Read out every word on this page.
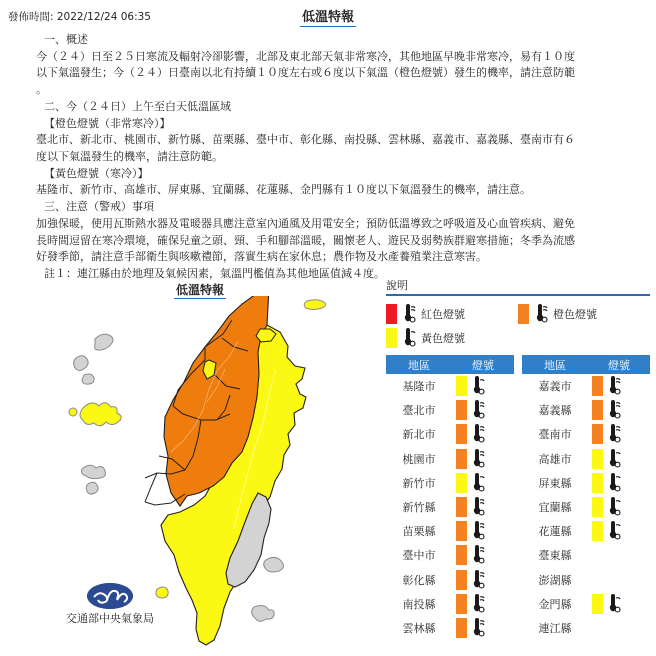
發佈時間: 2022/12/24 06:35	低溫特報
一、概述
今（２４）日至２５日寒流及輻射冷卻影響，北部及東北部天氣非常寒冷，其他地區早晚非常寒冷，易有１０度
以下氣溫發生；今（２４）日臺南以北有持續１０度左右或６度以下氣溫（橙色燈號）發生的機率，請注意防範
。
二、今（２４日）上午至白天低溫區域
【橙色燈號（非常寒冷）】
臺北市、新北市、桃園市、新竹縣、苗栗縣、臺中市、彰化縣、南投縣、雲林縣、嘉義市、嘉義縣、臺南市有６
度以下氣溫發生的機率，請注意防範。
【黃色燈號（寒冷）】
基隆市、新竹市、高雄市、屏東縣、宜蘭縣、花蓮縣、金門縣有１０度以下氣溫發生的機率，請注意。
三、注意（警戒）事項
加強保暖，使用瓦斯熱水器及電暖器具應注意室內通風及用電安全；預防低溫導致之呼吸道及心血管疾病、避免
長時間逗留在寒冷環境，確保兒童之頭、頸、手和腳部溫暖，關懷老人、遊民及弱勢族群避寒措施；冬季為流感
好發季節，請注意手部衛生與咳嗽禮節，落實生病在家休息；農作物及水產養殖業注意寒害。
註１：連江縣由於地理及氣候因素，氣溫門檻值為其他地區值減４度。
低溫特報
交通部中央氣象局
說明
紅色燈號	橙色燈號
黃色燈號
地區	燈號
基隆市
臺北市
新北市
桃園市
新竹市
新竹縣
苗栗縣
臺中市
彰化縣
南投縣
雲林縣
地區	燈號
嘉義市
嘉義縣
臺南市
高雄市
屏東縣
宜蘭縣
花蓮縣
臺東縣
澎湖縣
金門縣
連江縣
